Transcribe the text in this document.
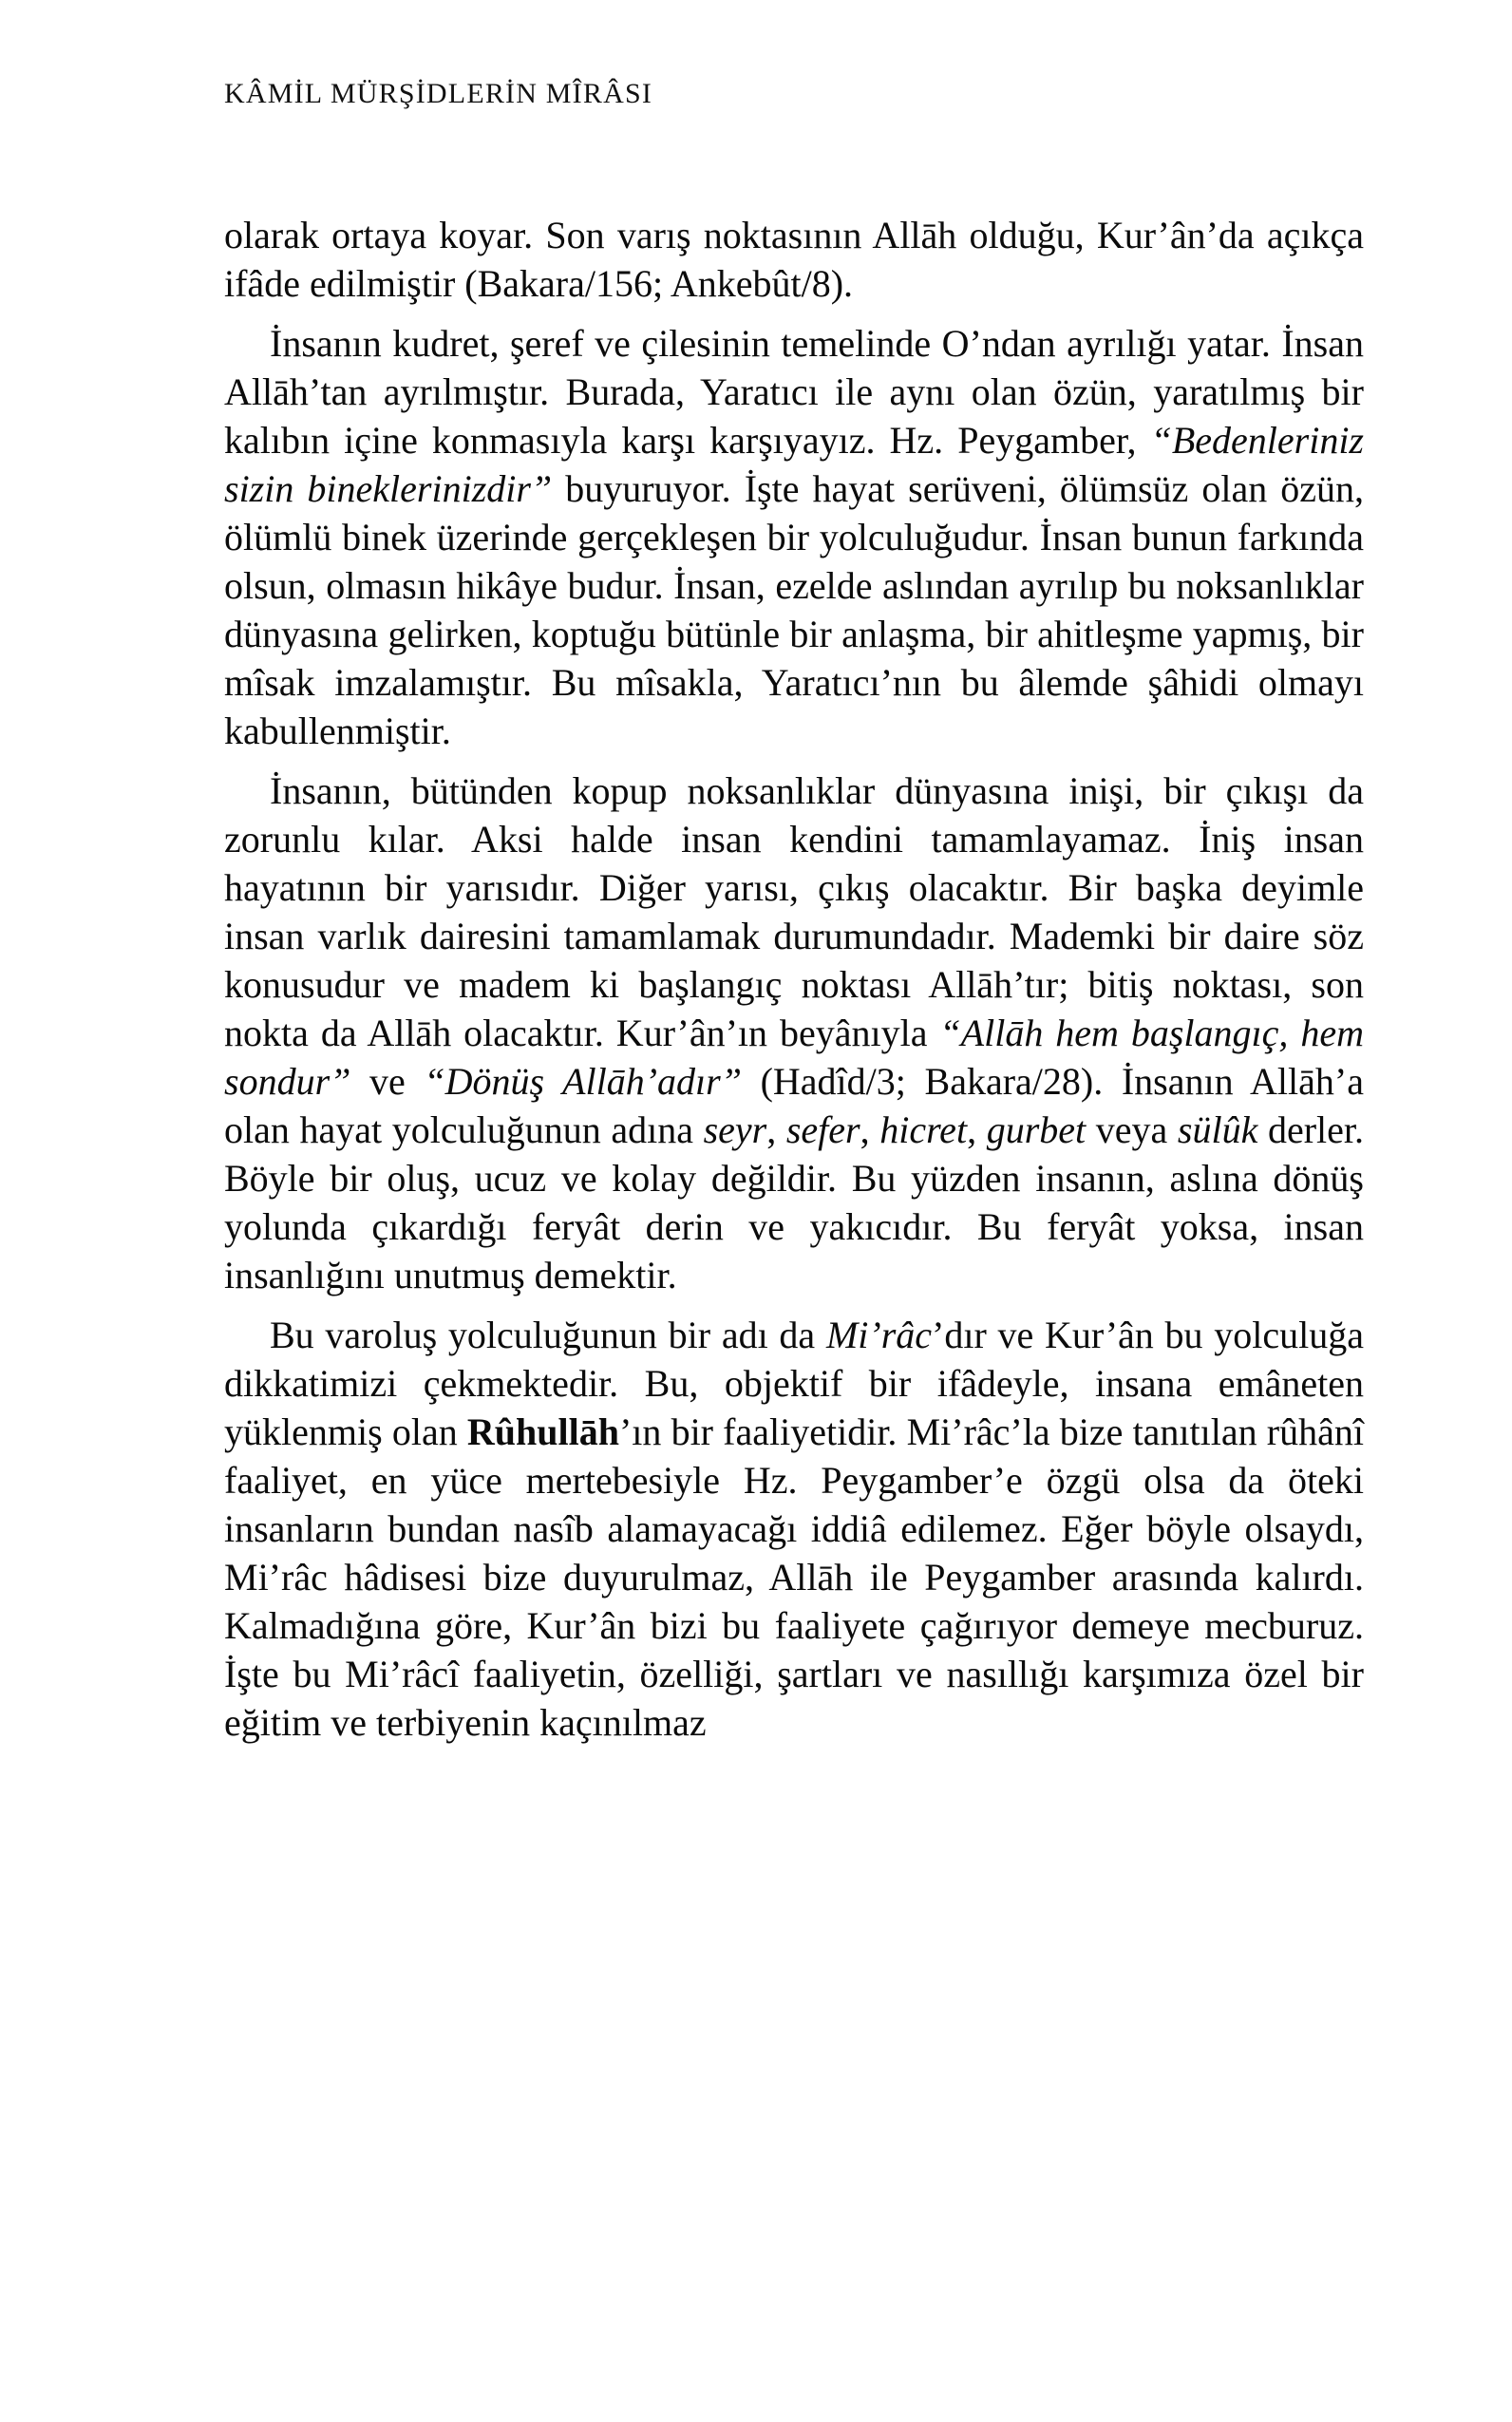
KÂMİL MÜRŞİDLERİN MÎRÂSI

olarak ortaya koyar. Son varış noktasının Allāh olduğu, Kur’ân’da açıkça ifâde edilmiştir (Bakara/156; Ankebût/8).

İnsanın kudret, şeref ve çilesinin temelinde O’ndan ayrılığı yatar. İnsan Allāh’tan ayrılmıştır. Burada, Yaratıcı ile aynı olan özün, yaratılmış bir kalıbın içine konmasıyla karşı karşıyayız. Hz. Peygamber, “Bedenleriniz sizin bineklerinizdir” buyuruyor. İşte hayat serüveni, ölümsüz olan özün, ölümlü binek üzerinde gerçekleşen bir yolculuğudur. İnsan bunun farkında olsun, olmasın hikâye budur. İnsan, ezelde aslından ayrılıp bu noksanlıklar dünyasına gelirken, koptuğu bütünle bir anlaşma, bir ahitleşme yapmış, bir mîsak imzalamıştır. Bu mîsakla, Yaratıcı’nın bu âlemde şâhidi olmayı kabullenmiştir.

İnsanın, bütünden kopup noksanlıklar dünyasına inişi, bir çıkışı da zorunlu kılar. Aksi halde insan kendini tamamlayamaz. İniş insan hayatının bir yarısıdır. Diğer yarısı, çıkış olacaktır. Bir başka deyimle insan varlık dairesini tamamlamak durumundadır. Mademki bir daire söz konusudur ve madem ki başlangıç noktası Allāh’tır; bitiş noktası, son nokta da Allāh olacaktır. Kur’ân’ın beyânıyla “Allāh hem başlangıç, hem sondur” ve “Dönüş Allāh’adır” (Hadîd/3; Bakara/28). İnsanın Allāh’a olan hayat yolculuğunun adına seyr, sefer, hicret, gurbet veya sülûk derler. Böyle bir oluş, ucuz ve kolay değildir. Bu yüzden insanın, aslına dönüş yolunda çıkardığı feryât derin ve yakıcıdır. Bu feryât yoksa, insan insanlığını unutmuş demektir.

Bu varoluş yolculuğunun bir adı da Mi’râc’dır ve Kur’ân bu yolculuğa dikkatimizi çekmektedir. Bu, objektif bir ifâdeyle, insana emâneten yüklenmiş olan Rûhullāh’ın bir faaliyetidir. Mi’râc’la bize tanıtılan rûhânî faaliyet, en yüce mertebesiyle Hz. Peygamber’e özgü olsa da öteki insanların bundan nasîb alamayacağı iddiâ edilemez. Eğer böyle olsaydı, Mi’râc hâdisesi bize duyurulmaz, Allāh ile Peygamber arasında kalırdı. Kalmadığına göre, Kur’ân bizi bu faaliyete çağırıyor demeye mecburuz. İşte bu Mi’râcî faaliyetin, özelliği, şartları ve nasıllığı karşımıza özel bir eğitim ve terbiyenin kaçınılmaz
